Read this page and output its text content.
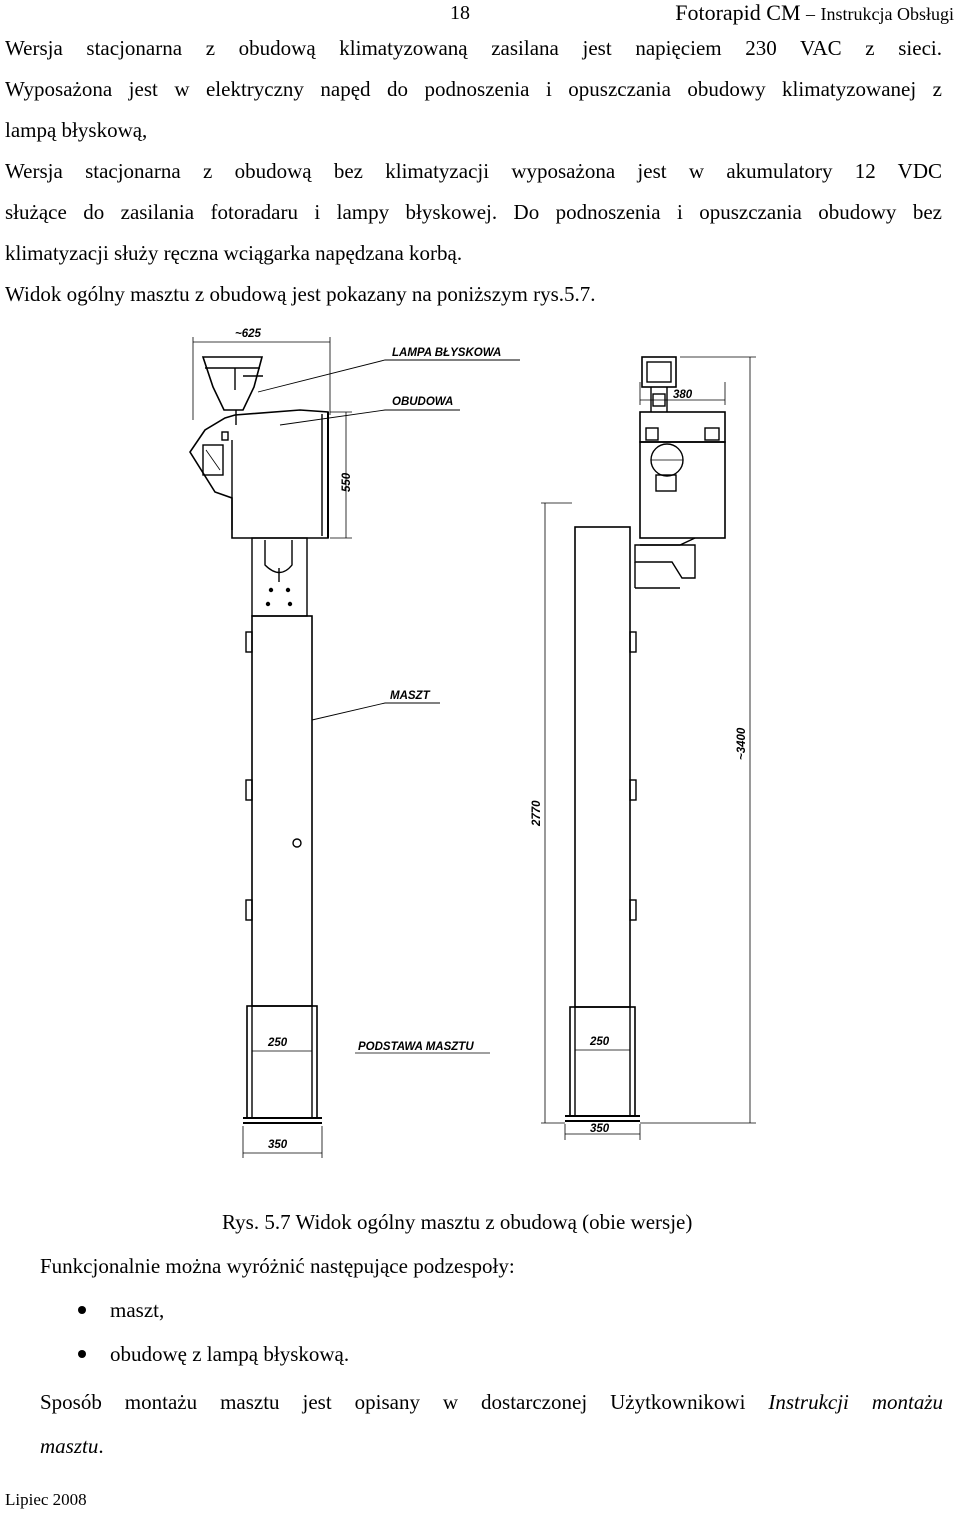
18	Fotorapid CM – Instrukcja Obsługi
Wersja stacjonarna z obudową klimatyzowaną zasilana jest napięciem 230 VAC z sieci.
Wyposażona jest w elektryczny napęd do podnoszenia i opuszczania obudowy klimatyzowanej z
lampą błyskową,
Wersja stacjonarna z obudową bez klimatyzacji wyposażona jest w akumulatory 12 VDC
służące do zasilania fotoradaru i lampy błyskowej. Do podnoszenia i opuszczania obudowy bez
klimatyzacji służy ręczna wciągarka napędzana korbą.
Widok ogólny masztu z obudową jest pokazany na poniższym rys.5.7.
~625
LAMPA BŁYSKOWA
OBUDOWA
380
550
MASZT
~3400
2770
250	PODSTAWA MASZTU	250
350
350
Rys. 5.7 Widok ogólny masztu z obudową (obie wersje)
Funkcjonalnie można wyróżnić następujące podzespoły:
maszt,
obudowę z lampą błyskową.
Sposób montażu masztu jest opisany w dostarczonej Użytkownikowi Instrukcji montażu
masztu.
Lipiec 2008
